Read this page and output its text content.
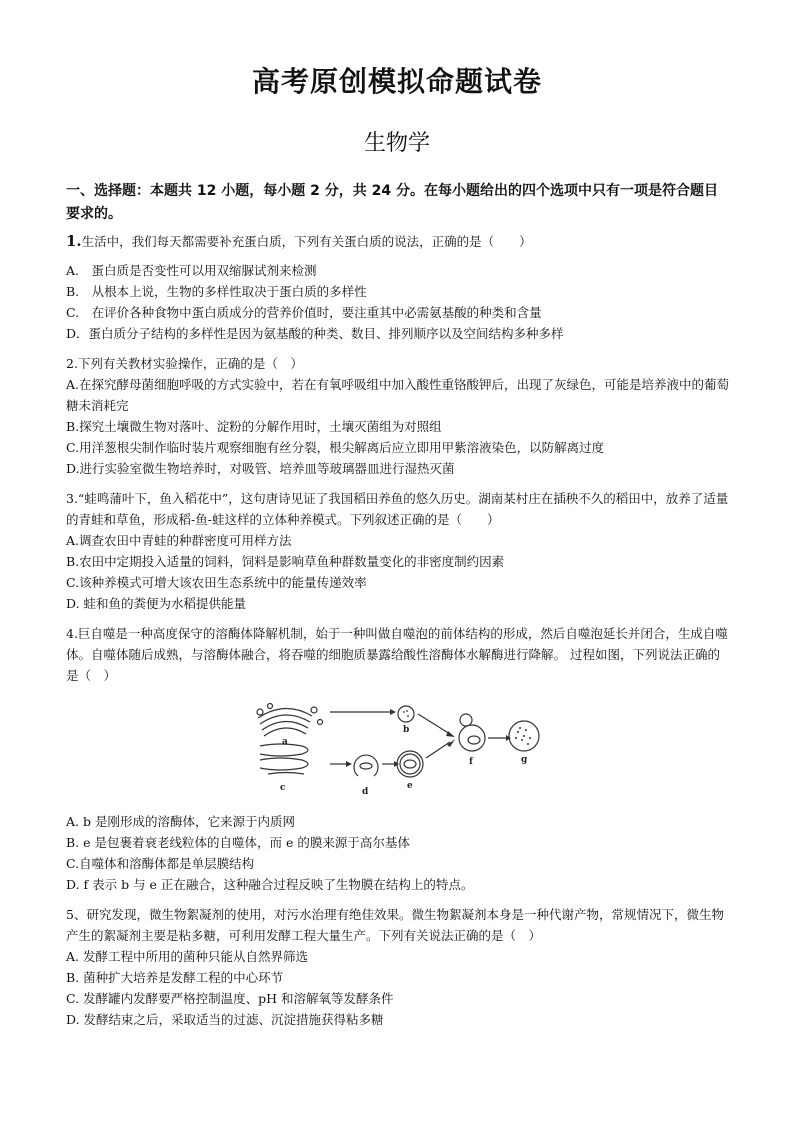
高考原创模拟命题试卷
生物学
一、选择题：本题共 12 小题，每小题 2 分，共 24 分。在每小题给出的四个选项中只有一项是符合题目要求的。

1.生活中，我们每天都需要补充蛋白质，下列有关蛋白质的说法，正确的是（　　）

A.　蛋白质是否变性可以用双缩脲试剂来检测

B.　从根本上说，生物的多样性取决于蛋白质的多样性

C.　在评价各种食物中蛋白质成分的营养价值时，要注重其中必需氨基酸的种类和含量

D．蛋白质分子结构的多样性是因为氨基酸的种类、数目、排列顺序以及空间结构多种多样

2.下列有关教材实验操作，正确的是（　）

A.在探究酵母菌细胞呼吸的方式实验中，若在有氧呼吸组中加入酸性重铬酸钾后，出现了灰绿色，可能是培养液中的葡萄糖未消耗完

B.探究土壤微生物对落叶、淀粉的分解作用时，土壤灭菌组为对照组

C.用洋葱根尖制作临时装片观察细胞有丝分裂，根尖解离后应立即用甲紫溶液染色，以防解离过度

D.进行实验室微生物培养时，对吸管、培养皿等玻璃器皿进行湿热灭菌

3.“蛙鸣蒲叶下，鱼入稻花中”，这句唐诗见证了我国稻田养鱼的悠久历史。湖南某村庄在插秧不久的稻田中，放养了适量的青蛙和草鱼，形成稻-鱼-蛙这样的立体种养模式。下列叙述正确的是（　　）

A.调查农田中青蛙的种群密度可用样方法

B.农田中定期投入适量的饲料，饲料是影响草鱼种群数量变化的非密度制约因素

C.该种养模式可增大该农田生态系统中的能量传递效率

D. 蛙和鱼的粪便为水稻提供能量

4.巨自噬是一种高度保守的溶酶体降解机制，始于一种叫做自噬泡的前体结构的形成，然后自噬泡延长并闭合，生成自噬体。自噬体随后成熟，与溶酶体融合，将吞噬的细胞质暴露给酸性溶酶体水解酶进行降解。 过程如图，下列说法正确的是（　）

a
b
c	d
e
f	g

A. b 是刚形成的溶酶体，它来源于内质网

B. e 是包裹着衰老线粒体的自噬体，而 e 的膜来源于高尔基体

C.自噬体和溶酶体都是单层膜结构

D. f 表示 b 与 e 正在融合，这种融合过程反映了生物膜在结构上的特点。

5、研究发现，微生物絮凝剂的使用，对污水治理有绝佳效果。微生物絮凝剂本身是一种代谢产物，常规情况下，微生物产生的絮凝剂主要是粘多糖，可利用发酵工程大量生产。下列有关说法正确的是（　）

A. 发酵工程中所用的菌种只能从自然界筛选

B. 菌种扩大培养是发酵工程的中心环节

C. 发酵罐内发酵要严格控制温度、pH 和溶解氧等发酵条件

D. 发酵结束之后，采取适当的过滤、沉淀措施获得粘多糖
